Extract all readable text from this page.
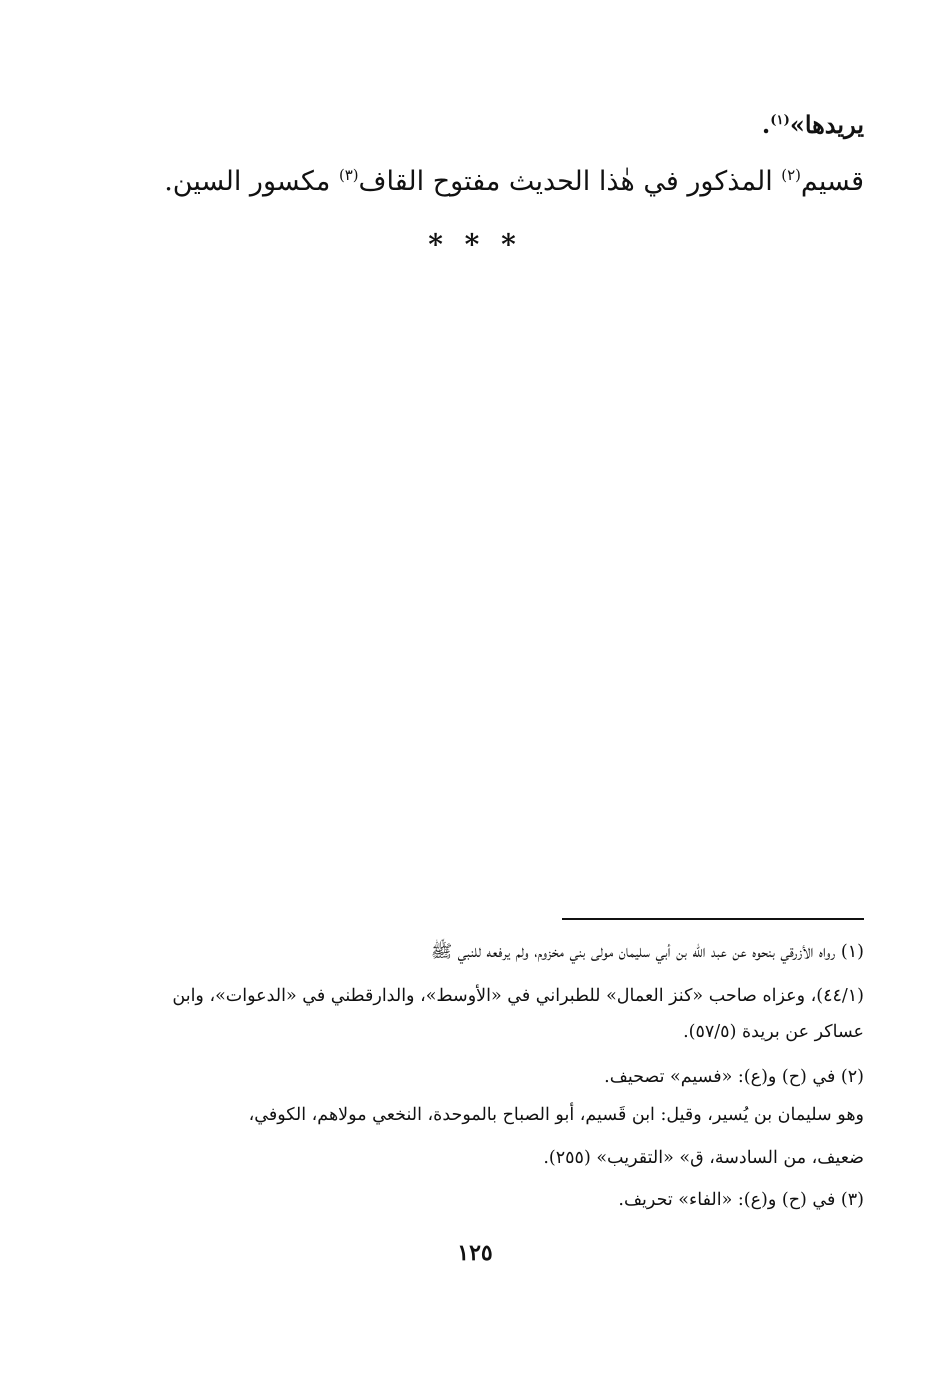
يريدها»$^{(١)}$.
قسيم$^{(٢)}$ المذكور في هٰذا الحديث مفتوح القاف$^{(٣)}$ مكسور السين.
* * *
(١) رواه الأزرقي بنحوه عن عبد الله بن أبي سليمان مولى بني مخزوم، ولم يرفعه للنبي ﷺ
(٤٤/١)، وعزاه صاحب «كنز العمال» للطبراني في «الأوسط»، والدارقطني في «الدعوات»، وابن
عساكر عن بريدة (٥٧/٥).
(٢) في (ح) و(ع): «فسيم» تصحيف.
وهو سليمان بن يُسير، وقيل: ابن قَسيم، أبو الصباح بالموحدة، النخعي مولاهم، الكوفي،
ضعيف، من السادسة، ق» «التقريب» (٢٥٥).
(٣) في (ح) و(ع): «الفاء» تحريف.
١٢٥
